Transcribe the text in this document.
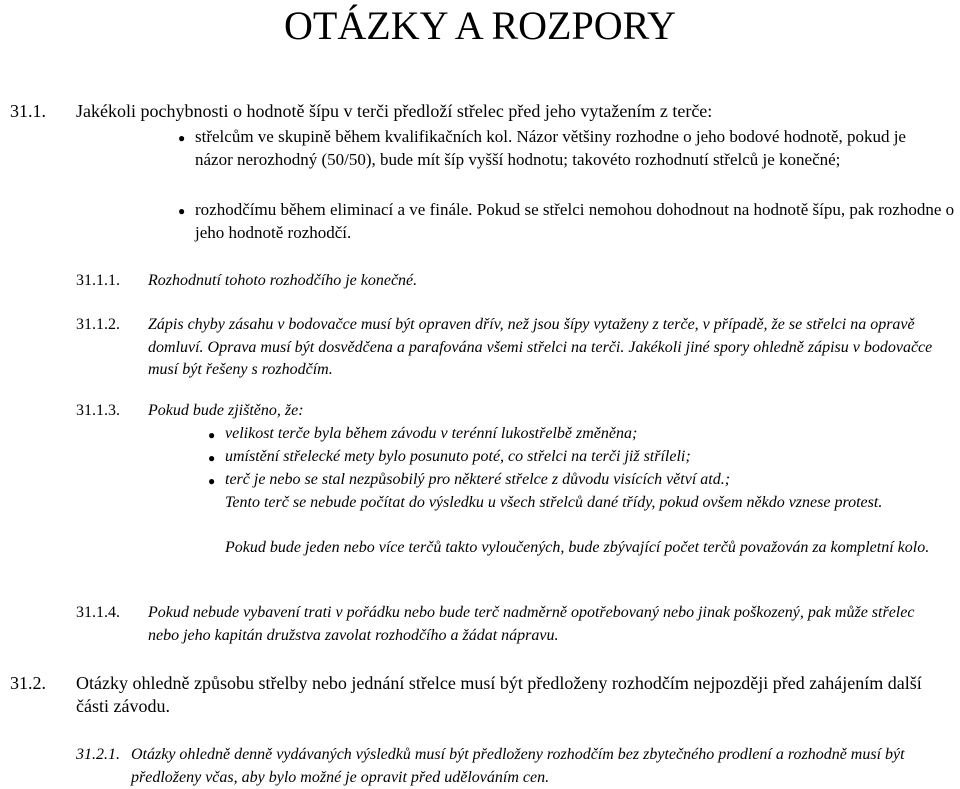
OTÁZKY A ROZPORY
31.1. Jakékoli pochybnosti o hodnotě šípu v terči předloží střelec před jeho vytažením z terče:
● střelcům ve skupině během kvalifikačních kol. Názor většiny rozhodne o jeho bodové hodnotě, pokud je názor nerozhodný (50/50), bude mít šíp vyšší hodnotu; takovéto rozhodnutí střelců je konečné;
● rozhodčímu během eliminací a ve finále. Pokud se střelci nemohou dohodnout na hodnotě šípu, pak rozhodne o jeho hodnotě rozhodčí.
31.1.1. Rozhodnutí tohoto rozhodčího je konečné.
31.1.2. Zápis chyby zásahu v bodovačce musí být opraven dřív, než jsou šípy vytaženy z terče, v případě, že se střelci na opravě domluví. Oprava musí být dosvědčena a parafována všemi střelci na terči. Jakékoli jiné spory ohledně zápisu v bodovačce musí být řešeny s rozhodčím.
31.1.3. Pokud bude zjištěno, že:
● velikost terče byla během závodu v terénní lukostřelbě změněna;
● umístění střelecké mety bylo posunuto poté, co střelci na terči již stříleli;
● terč je nebo se stal nezpůsobilý pro některé střelce z důvodu visících větví atd.;
Tento terč se nebude počítat do výsledku u všech střelců dané třídy, pokud ovšem někdo vznese protest.
Pokud bude jeden nebo více terčů takto vyloučených, bude zbývající počet terčů považován za kompletní kolo.
31.1.4. Pokud nebude vybavení trati v pořádku nebo bude terč nadměrně opotřebovaný nebo jinak poškozený, pak může střelec nebo jeho kapitán družstva zavolat rozhodčího a žádat nápravu.
31.2. Otázky ohledně způsobu střelby nebo jednání střelce musí být předloženy rozhodčím nejpozději před zahájením další části závodu.
31.2.1. Otázky ohledně denně vydávaných výsledků musí být předloženy rozhodčím bez zbytečného prodlení a rozhodně musí být předloženy včas, aby bylo možné je opravit před udělováním cen.
